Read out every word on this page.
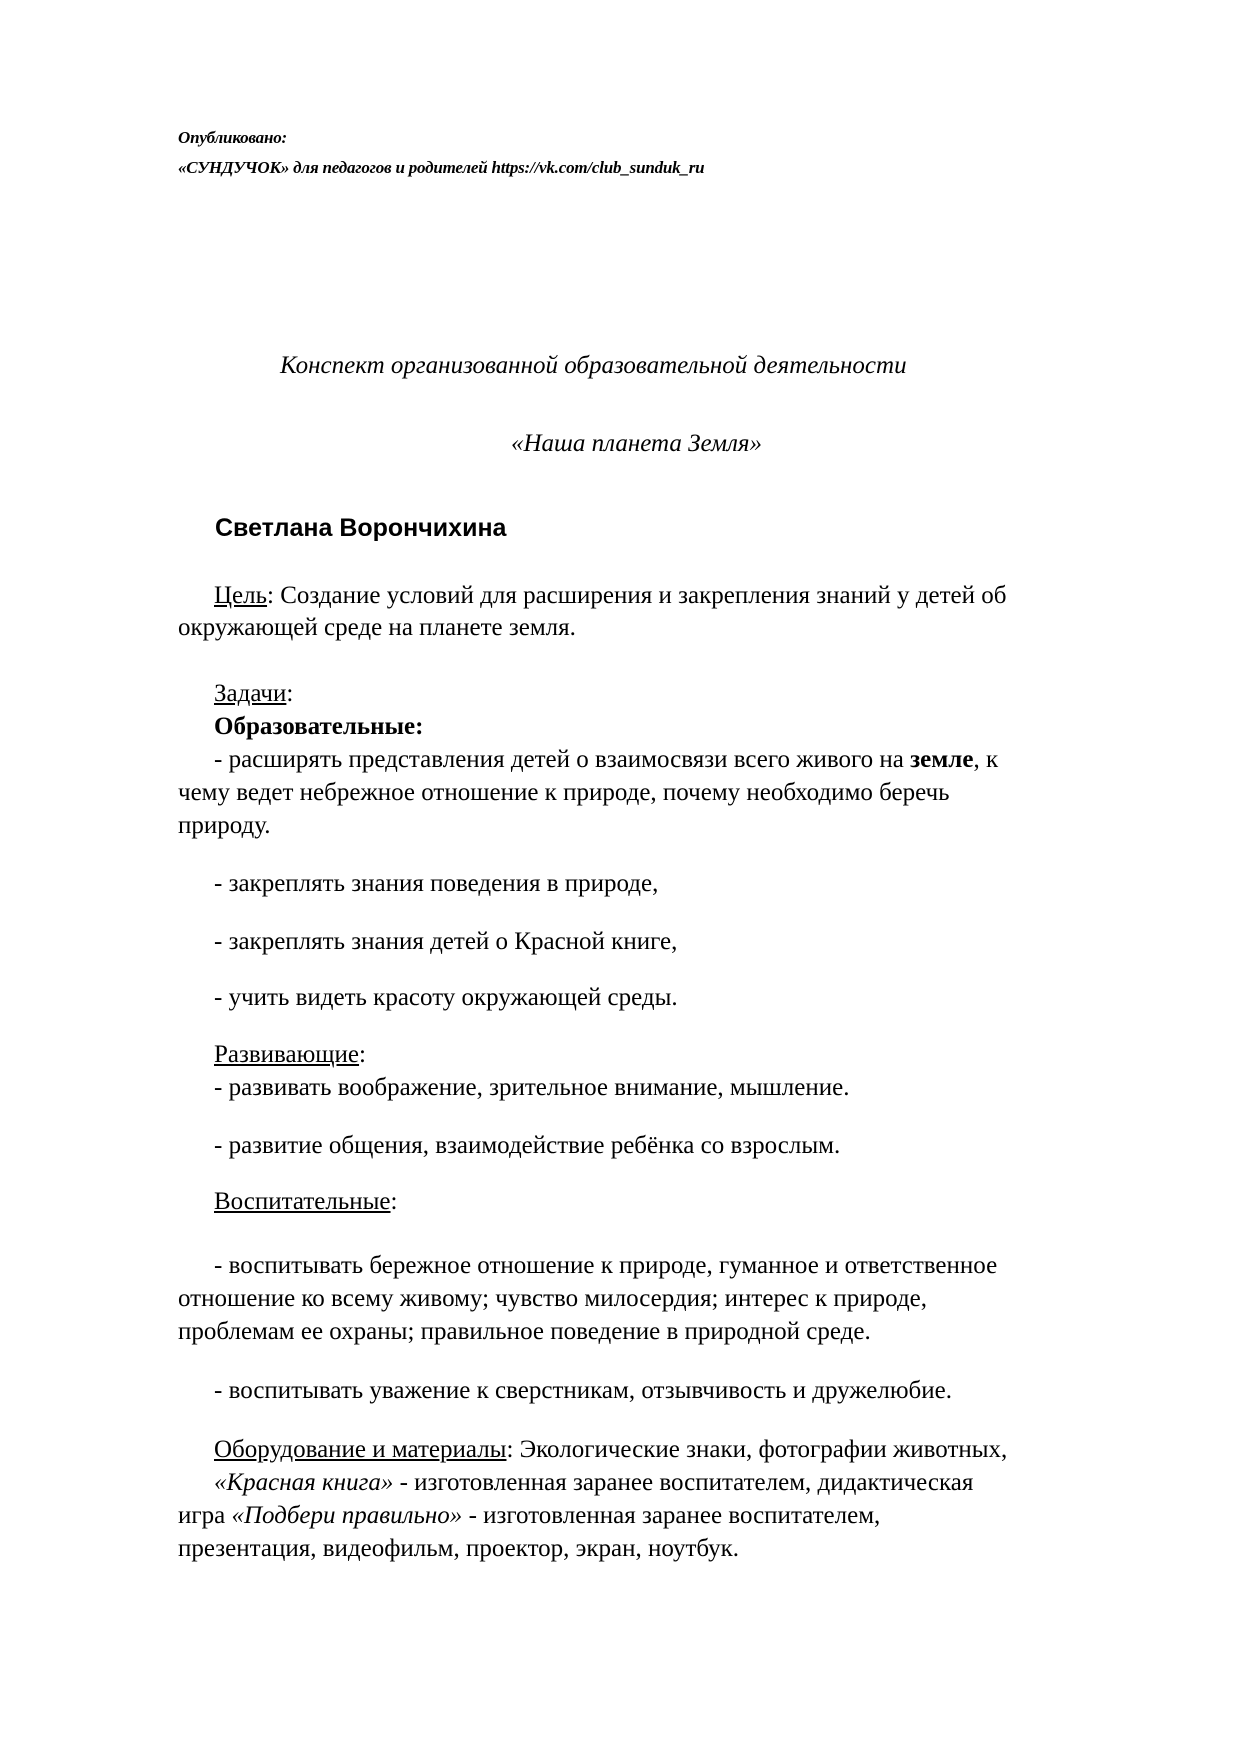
Опубликовано:
«СУНДУЧОК» для педагогов и родителей https://vk.com/club_sunduk_ru
Конспект организованной образовательной деятельности
«Наша планета Земля»
Светлана Ворончихина
Цель: Создание условий для расширения и закрепления знаний у детей об
окружающей среде на планете земля.
Задачи:
Образовательные:
- расширять представления детей о взаимосвязи всего живого на земле, к
чему ведет небрежное отношение к природе, почему необходимо беречь
природу.
- закреплять знания поведения в природе,
- закреплять знания детей о Красной книге,
- учить видеть красоту окружающей среды.
Развивающие:
- развивать воображение, зрительное внимание, мышление.
- развитие общения, взаимодействие ребёнка со взрослым.
Воспитательные:
- воспитывать бережное отношение к природе, гуманное и ответственное
отношение ко всему живому; чувство милосердия; интерес к природе,
проблемам ее охраны; правильное поведение в природной среде.
- воспитывать уважение к сверстникам, отзывчивость и дружелюбие.
Оборудование и материалы: Экологические знаки, фотографии животных,
«Красная книга» - изготовленная заранее воспитателем, дидактическая
игра «Подбери правильно» - изготовленная заранее воспитателем,
презентация, видеофильм, проектор, экран, ноутбук.
